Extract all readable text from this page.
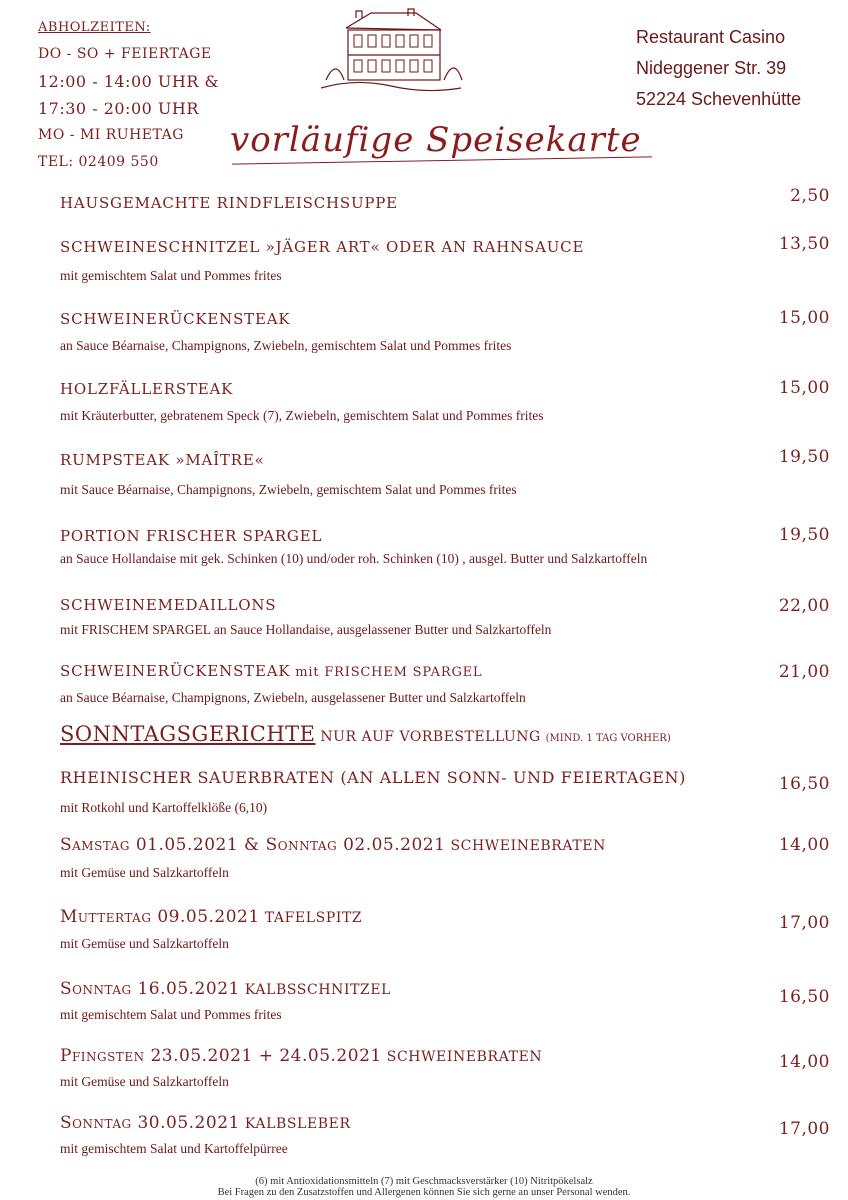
ABHOLZEITEN:
DO - SO + FEIERTAGE
12:00 - 14:00 UHR &
17:30 - 20:00 UHR
MO - MI RUHETAG
TEL: 02409 550
Restaurant Casino
Nideggener Str. 39
52224 Schevenhütte
vorläufige Speisekarte
HAUSGEMACHTE RINDFLEISCHSUPPE	2,50
SCHWEINESCHNITZEL »JÄGER ART« ODER AN RAHNSAUCE
mit gemischtem Salat und Pommes frites
13,50
SCHWEINERÜCKENSTEAK
an Sauce Béarnaise, Champignons, Zwiebeln, gemischtem Salat und Pommes frites
15,00
HOLZFÄLLERSTEAK
mit Kräuterbutter, gebratenem Speck (7), Zwiebeln, gemischtem Salat und Pommes frites
15,00
RUMPSTEAK »MAÎTRE«
mit Sauce Béarnaise, Champignons, Zwiebeln, gemischtem Salat und Pommes frites
19,50
PORTION FRISCHER SPARGEL
an Sauce Hollandaise mit gek. Schinken (10) und/oder roh. Schinken (10) , ausgel. Butter und Salzkartoffeln
19,50
SCHWEINEMEDAILLONS
mit FRISCHEM SPARGEL an Sauce Hollandaise, ausgelassener Butter und Salzkartoffeln
22,00
SCHWEINERÜCKENSTEAK mit FRISCHEM SPARGEL
an Sauce Béarnaise, Champignons, Zwiebeln, ausgelassener Butter und Salzkartoffeln
21,00
SONNTAGSGERICHTE NUR AUF VORBESTELLUNG (MIND. 1 TAG VORHER)
RHEINISCHER SAUERBRATEN (AN ALLEN SONN- UND FEIERTAGEN)
mit Rotkohl und Kartoffelklöße (6,10)
16,50
Samstag 01.05.2021 & Sonntag 02.05.2021 SCHWEINEBRATEN
mit Gemüse und Salzkartoffeln
14,00
Muttertag 09.05.2021 TAFELSPITZ
mit Gemüse und Salzkartoffeln
17,00
Sonntag 16.05.2021 KALBSSCHNITZEL
mit gemischtem Salat und Pommes frites
16,50
Pfingsten 23.05.2021 + 24.05.2021 SCHWEINEBRATEN
mit Gemüse und Salzkartoffeln
14,00
Sonntag 30.05.2021 KALBSLEBER
mit gemischtem Salat und Kartoffelpürree
17,00
(6) mit Antioxidationsmitteln (7) mit Geschmacksverstärker (10) Nitritpökelsalz
Bei Fragen zu den Zusatzstoffen und Allergenen können Sie sich gerne an unser Personal wenden.
